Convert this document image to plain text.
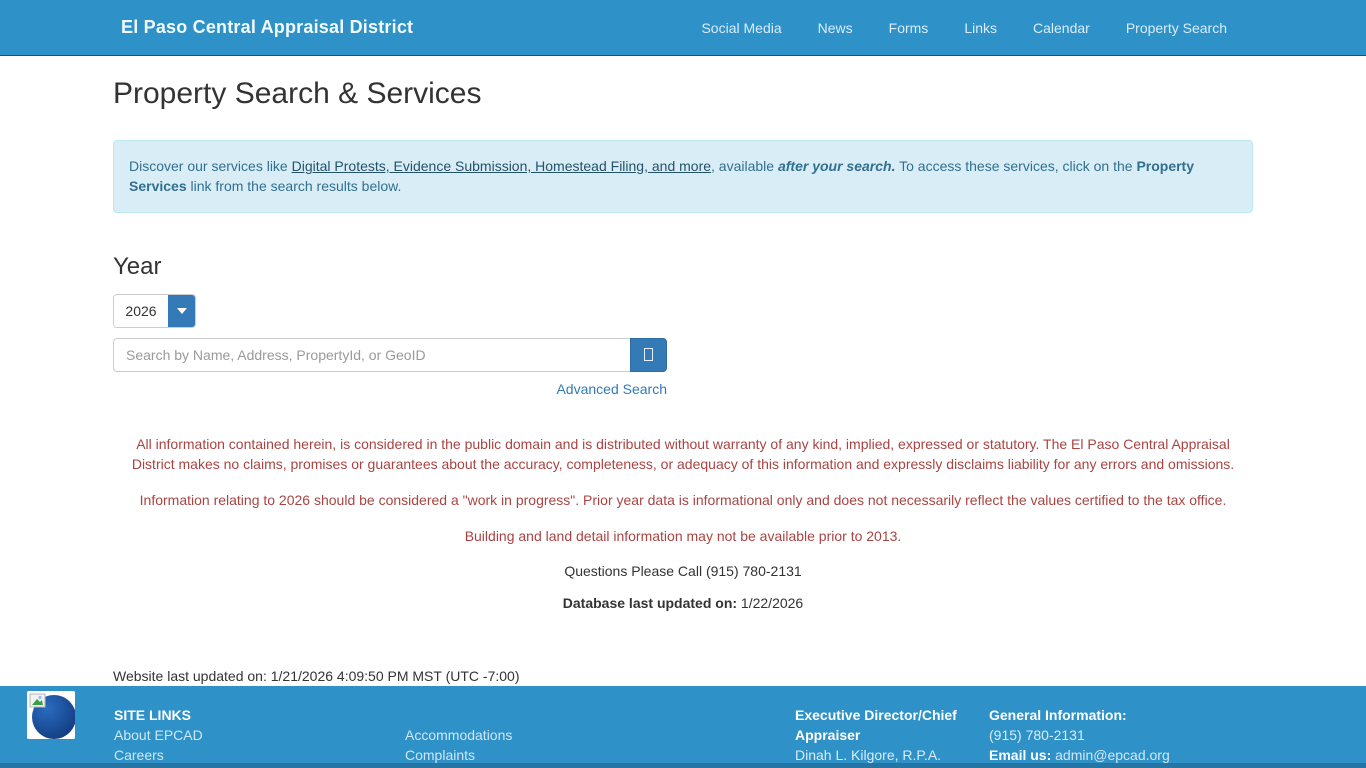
El Paso Central Appraisal District	Social Media	News	Forms	Links	Calendar	Property Search
Property Search & Services
Discover our services like Digital Protests, Evidence Submission, Homestead Filing, and more, available after your search. To access these services, click on the Property Services link from the search results below.
Year
2026
Search by Name, Address, PropertyId, or GeoID
Advanced Search

All information contained herein, is considered in the public domain and is distributed without warranty of any kind, implied, expressed or statutory. The El Paso Central Appraisal District makes no claims, promises or guarantees about the accuracy, completeness, or adequacy of this information and expressly disclaims liability for any errors and omissions.

Information relating to 2026 should be considered a "work in progress". Prior year data is informational only and does not necessarily reflect the values certified to the tax office.

Building and land detail information may not be available prior to 2013.

Questions Please Call (915) 780-2131

Database last updated on: 1/22/2026

Website last updated on: 1/21/2026 4:09:50 PM MST (UTC -7:00)
SITE LINKS
About EPCAD
Careers
Accommodations
Complaints
Executive Director/Chief Appraiser
Dinah L. Kilgore, R.P.A.
General Information:
(915) 780-2131
Email us: admin@epcad.org
